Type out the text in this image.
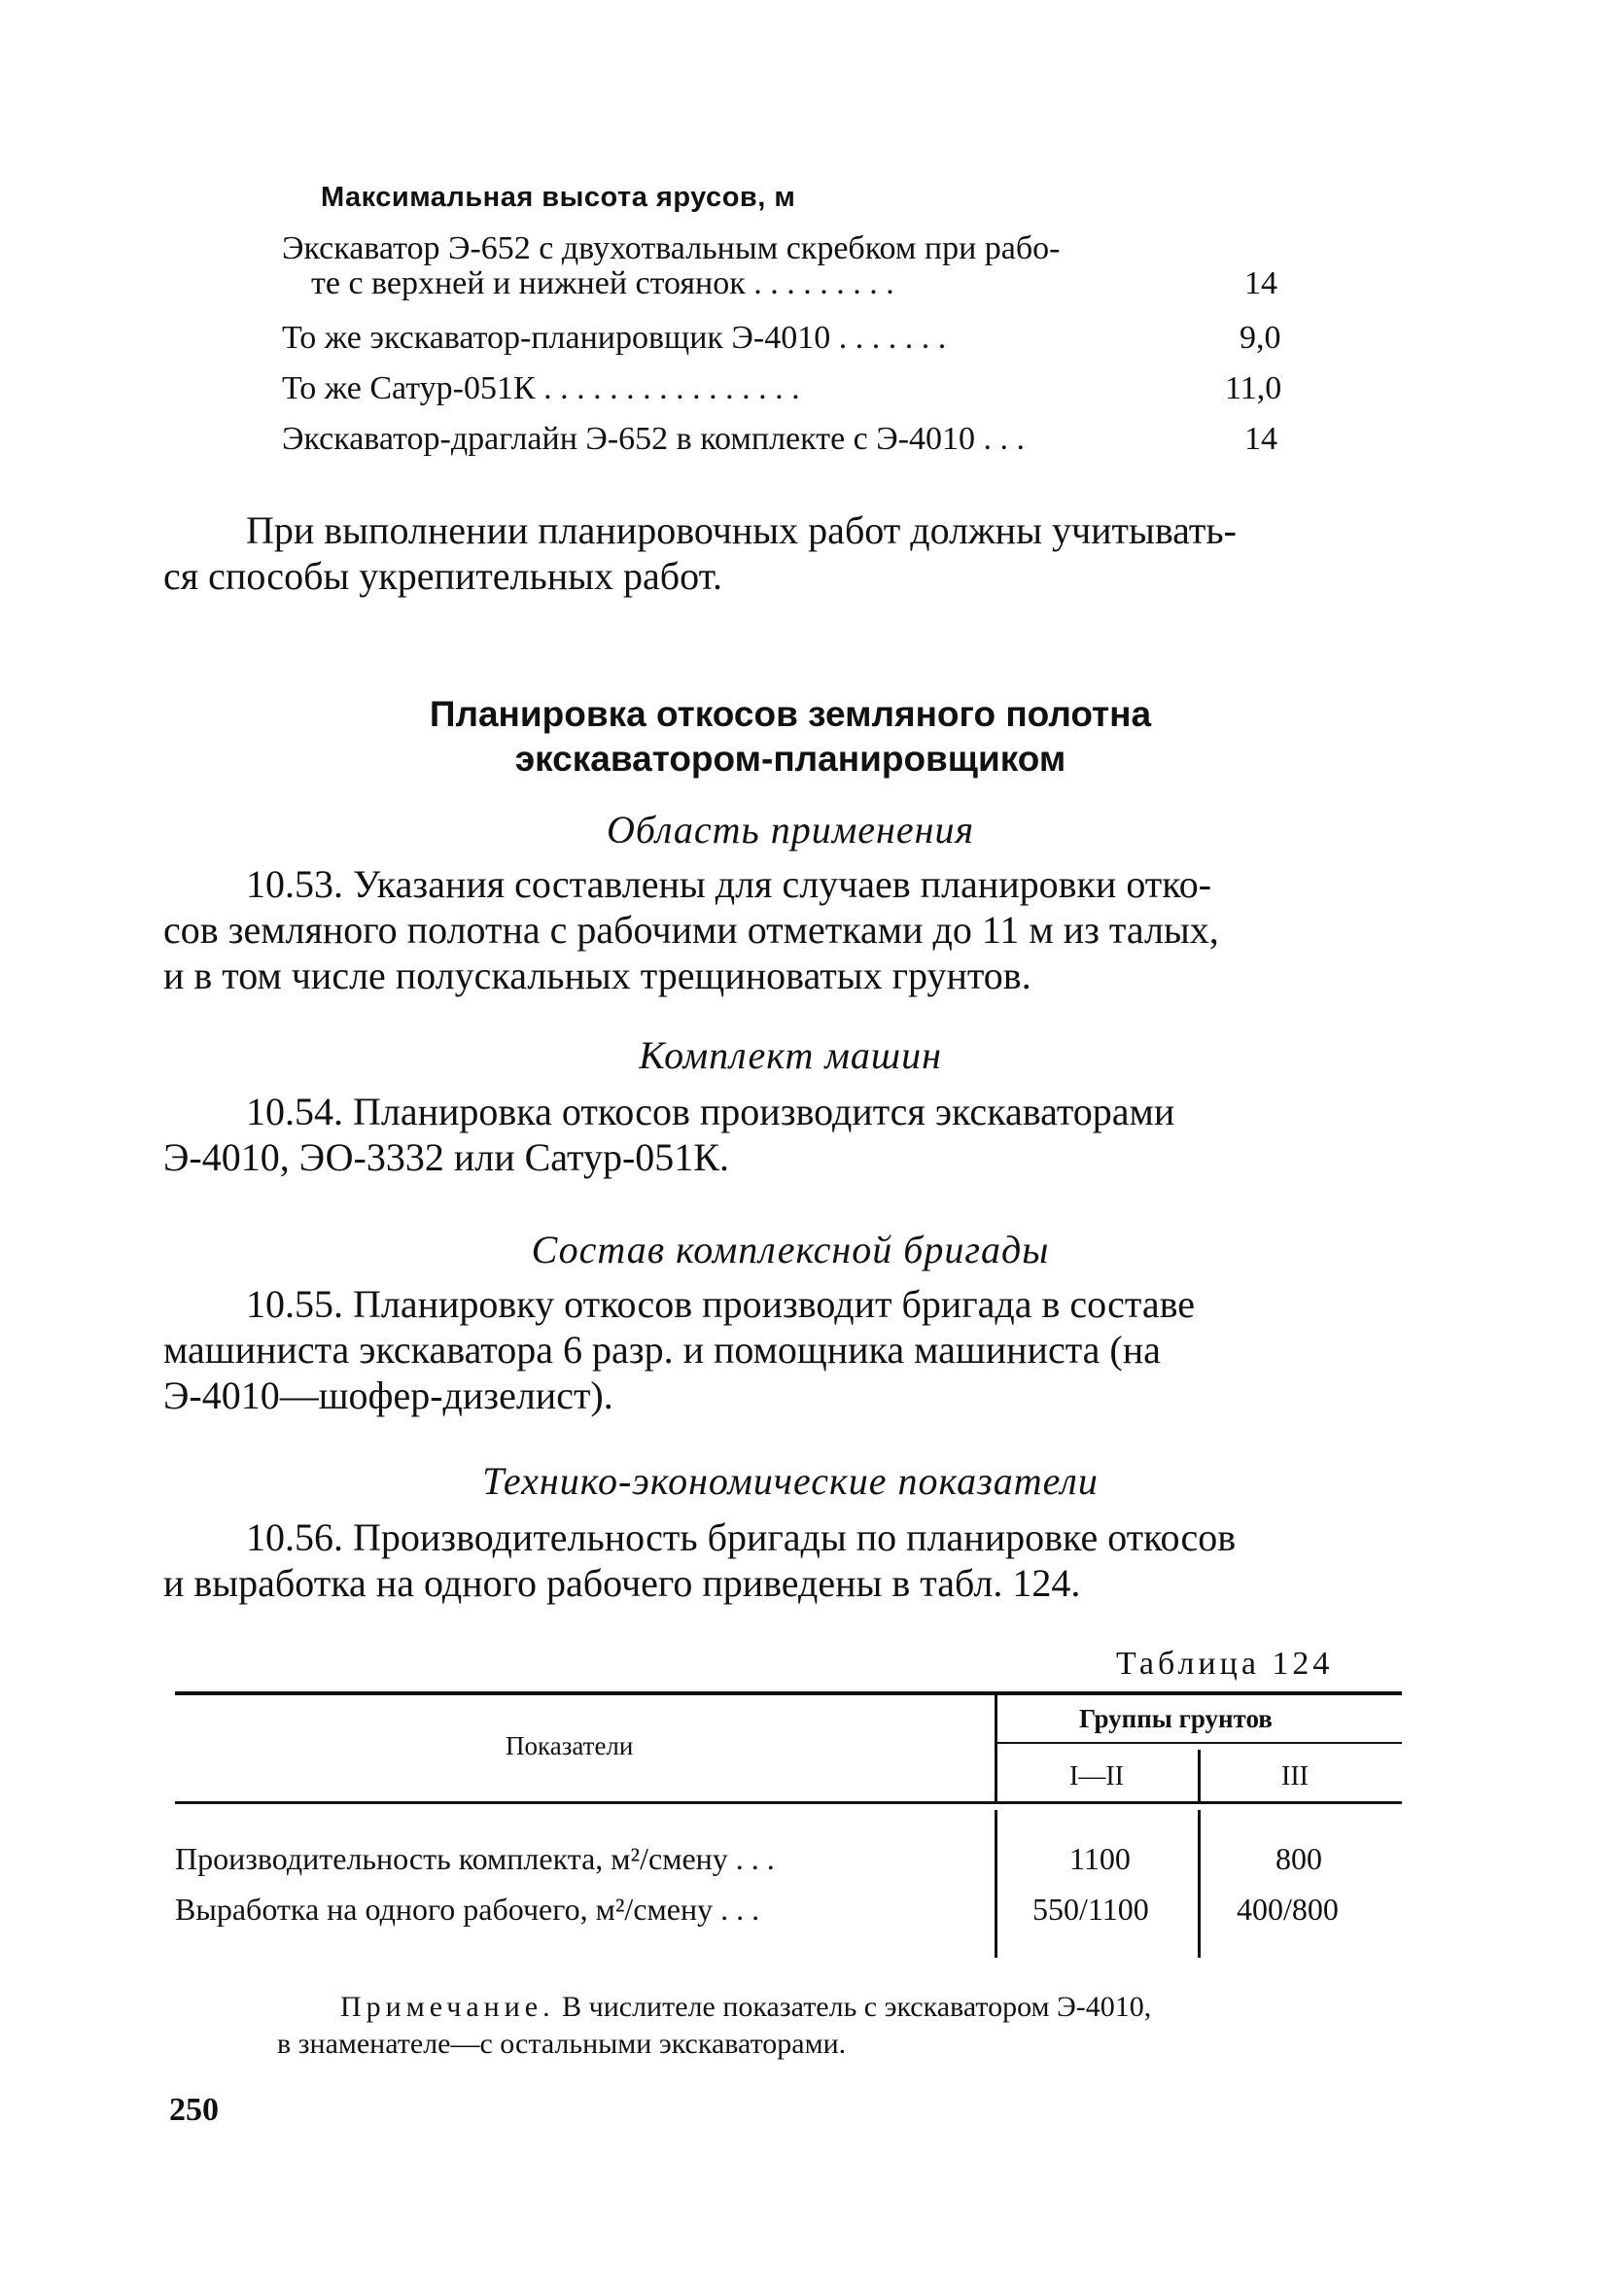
Максимальная высота ярусов, м
Экскаватор Э-652 с двухотвальным скребком при рабо-
те с верхней и нижней стоянок . . . . . . . . .	14
То же экскаватор-планировщик Э-4010 . . . . . . .	9,0
То же Сатур-051К . . . . . . . . . . . . . . . .	11,0
Экскаватор-драглайн Э-652 в комплекте с Э-4010 . . .	14
При выполнении планировочных работ должны учитывать-
ся способы укрепительных работ.
Планировка откосов земляного полотна
экскаватором-планировщиком
Область применения
10.53. Указания составлены для случаев планировки отко-
сов земляного полотна с рабочими отметками до 11 м из талых,
и в том числе полускальных трещиноватых грунтов.
Комплект машин
10.54. Планировка откосов производится экскаваторами
Э-4010, ЭО-3332 или Сатур-051К.
Состав комплексной бригады
10.55. Планировку откосов производит бригада в составе
машиниста экскаватора 6 разр. и помощника машиниста (на
Э-4010—шофер-дизелист).
Технико-экономические показатели
10.56. Производительность бригады по планировке откосов
и выработка на одного рабочего приведены в табл. 124.
Таблица 124
Показатели
Группы грунтов
I—II	III
Производительность комплекта, м²/смену . . .	1100	800
Выработка на одного рабочего, м²/смену . . .	550/1100	400/800
Примечание. В числителе показатель с экскаватором Э-4010,
в знаменателе—с остальными экскаваторами.
250
